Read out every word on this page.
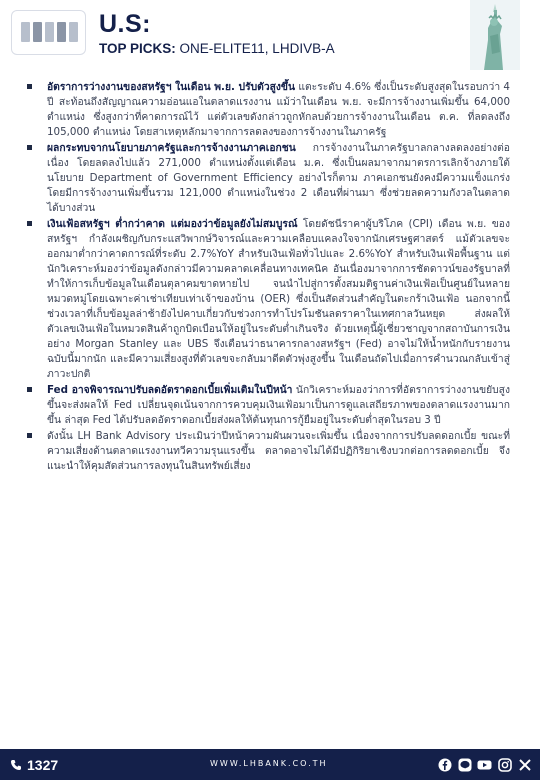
U.S:
TOP PICKS: ONE-ELITE11, LHDIVB-A
อัตราการว่างงานของสหรัฐฯ ในเดือน พ.ย. ปรับตัวสูงขึ้น แตะระดับ 4.6% ซึ่งเป็นระดับสูงสุดในรอบกว่า 4 ปี สะท้อนถึงสัญญาณความอ่อนแอในตลาดแรงงาน แม้ว่าในเดือน พ.ย. จะมีการจ้างงานเพิ่มขึ้น 64,000 ตำแหน่ง ซึ่งสูงกว่าที่คาดการณ์ไว้ แต่ตัวเลขดังกล่าวถูกหักลบด้วยการจ้างงานในเดือน ต.ค. ที่ลดลงถึง 105,000 ตำแหน่ง โดยสาเหตุหลักมาจากการลดลงของการจ้างงานในภาครัฐ
ผลกระทบจากนโยบายภาครัฐและการจ้างงานภาคเอกชน การจ้างงานในภาครัฐบาลกลางลดลงอย่างต่อเนื่อง โดยลดลงไปแล้ว 271,000 ตำแหน่งตั้งแต่เดือน ม.ค. ซึ่งเป็นผลมาจากมาตรการเลิกจ้างภายใต้นโยบาย Department of Government Efficiency อย่างไรก็ตาม ภาคเอกชนยังคงมีความแข็งแกร่ง โดยมีการจ้างงานเพิ่มขึ้นรวม 121,000 ตำแหน่งในช่วง 2 เดือนที่ผ่านมา ซึ่งช่วยลดความกังวลในตลาดได้บางส่วน
เงินเฟ้อสหรัฐฯ ต่ำกว่าคาด แต่มองว่าข้อมูลยังไม่สมบูรณ์ โดยดัชนีราคาผู้บริโภค (CPI) เดือน พ.ย. ของสหรัฐฯ กำลังเผชิญกับกระแสวิพากษ์วิจารณ์และความเคลือบแคลงใจจากนักเศรษฐศาสตร์ แม้ตัวเลขจะออกมาต่ำกว่าคาดการณ์ที่ระดับ 2.7%YoY สำหรับเงินเฟ้อทั่วไปและ 2.6%YoY สำหรับเงินเฟ้อพื้นฐาน แต่นักวิเคราะห์มองว่าข้อมูลดังกล่าวมีความคลาดเคลื่อนทางเทคนิค อันเนื่องมาจากการชัตดาวน์ของรัฐบาลที่ทำให้การเก็บข้อมูลในเดือนตุลาคมขาดหายไป จนนำไปสู่การตั้งสมมติฐานค่าเงินเฟ้อเป็นศูนย์ในหลายหมวดหมู่โดยเฉพาะค่าเช่าเทียบเท่าเจ้าของบ้าน (OER) ซึ่งเป็นสัดส่วนสำคัญในตะกร้าเงินเฟ้อ นอกจากนี้ช่วงเวลาที่เก็บข้อมูลล่าช้ายังไปคาบเกี่ยวกับช่วงการทำโปรโมชันลดราคาในเทศกาลวันหยุด ส่งผลให้ตัวเลขเงินเฟ้อในหมวดสินค้าถูกบิดเบือนให้อยู่ในระดับต่ำเกินจริง ด้วยเหตุนี้ผู้เชี่ยวชาญจากสถาบันการเงินอย่าง Morgan Stanley และ UBS จึงเตือนว่าธนาคารกลางสหรัฐฯ (Fed) อาจไม่ให้น้ำหนักกับรายงานฉบับนี้มากนัก และมีความเสี่ยงสูงที่ตัวเลขจะกลับมาดีดตัวพุ่งสูงขึ้น ในเดือนถัดไปเมื่อการคำนวณกลับเข้าสู่ภาวะปกติ
Fed อาจพิจารณาปรับลดอัตราดอกเบี้ยเพิ่มเติมในปีหน้า นักวิเคราะห์มองว่าการที่อัตราการว่างงานขยับสูงขึ้นจะส่งผลให้ Fed เปลี่ยนจุดเน้นจากการควบคุมเงินเฟ้อมาเป็นการดูแลเสถียรภาพของตลาดแรงงานมากขึ้น ล่าสุด Fed ได้ปรับลดอัตราดอกเบี้ยส่งผลให้ต้นทุนการกู้ยืมอยู่ในระดับต่ำสุดในรอบ 3 ปี
ดังนั้น LH Bank Advisory ประเมินว่าปีหน้าความผันผวนจะเพิ่มขึ้น เนื่องจากการปรับลดดอกเบี้ย ขณะที่ความเสี่ยงด้านตลาดแรงงานทวีความรุนแรงขึ้น ตลาดอาจไม่ได้มีปฏิกิริยาเชิงบวกต่อการลดดอกเบี้ย จึงแนะนำให้คุมสัดส่วนการลงทุนในสินทรัพย์เสี่ยง
1327	WWW.LHBANK.CO.TH
